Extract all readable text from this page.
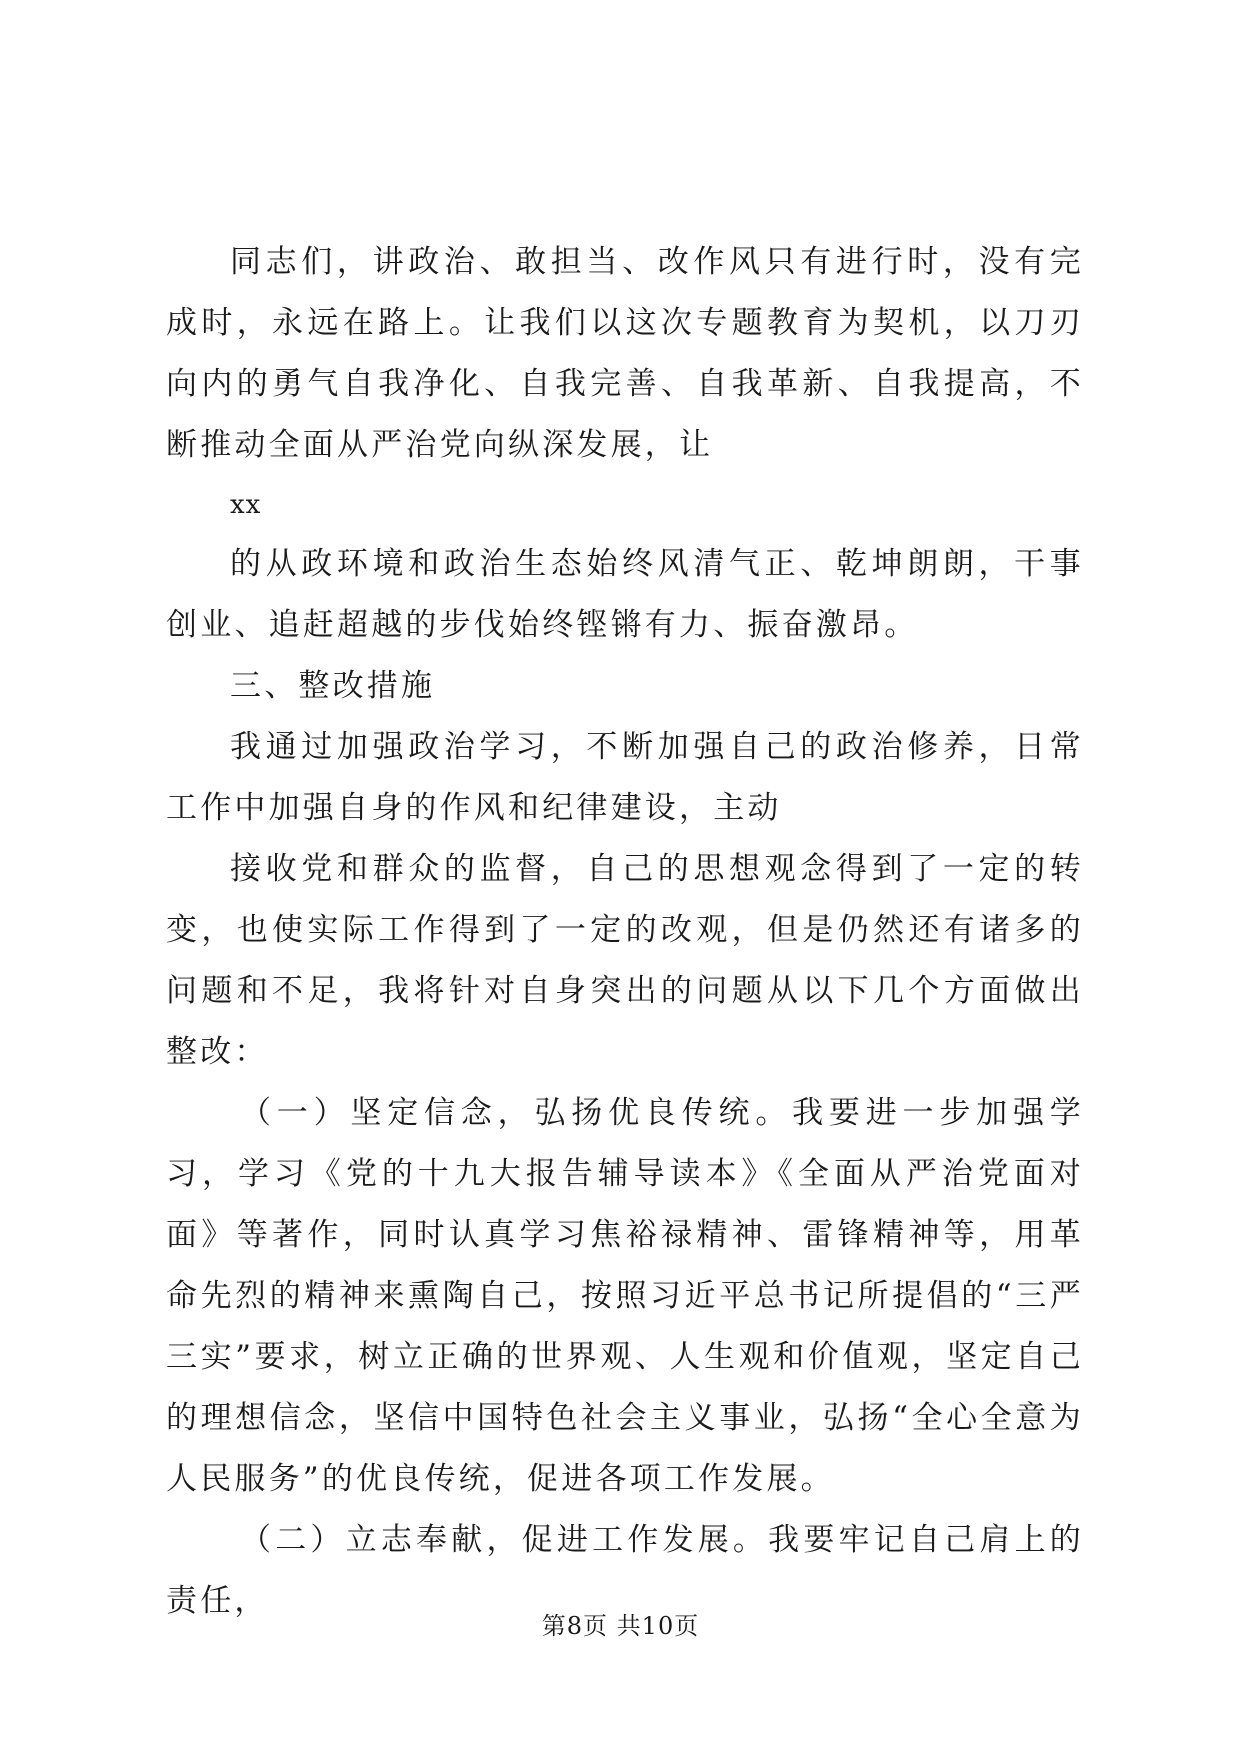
同志们，讲政治、敢担当、改作风只有进行时，没有完成时，永远在路上。让我们以这次专题教育为契机，以刀刃向内的勇气自我净化、自我完善、自我革新、自我提高，不断推动全面从严治党向纵深发展，让

xx

的从政环境和政治生态始终风清气正、乾坤朗朗，干事创业、追赶超越的步伐始终铿锵有力、振奋激昂。

三、整改措施

我通过加强政治学习，不断加强自己的政治修养，日常工作中加强自身的作风和纪律建设，主动

接收党和群众的监督，自己的思想观念得到了一定的转变，也使实际工作得到了一定的改观，但是仍然还有诸多的问题和不足，我将针对自身突出的问题从以下几个方面做出整改：

（一）坚定信念，弘扬优良传统。我要进一步加强学习，学习《党的十九大报告辅导读本》《全面从严治党面对面》等著作，同时认真学习焦裕禄精神、雷锋精神等，用革命先烈的精神来熏陶自己，按照习近平总书记所提倡的“三严三实”要求，树立正确的世界观、人生观和价值观，坚定自己的理想信念，坚信中国特色社会主义事业，弘扬“全心全意为人民服务”的优良传统，促进各项工作发展。

（二）立志奉献，促进工作发展。我要牢记自己肩上的责任，

第8页 共10页
